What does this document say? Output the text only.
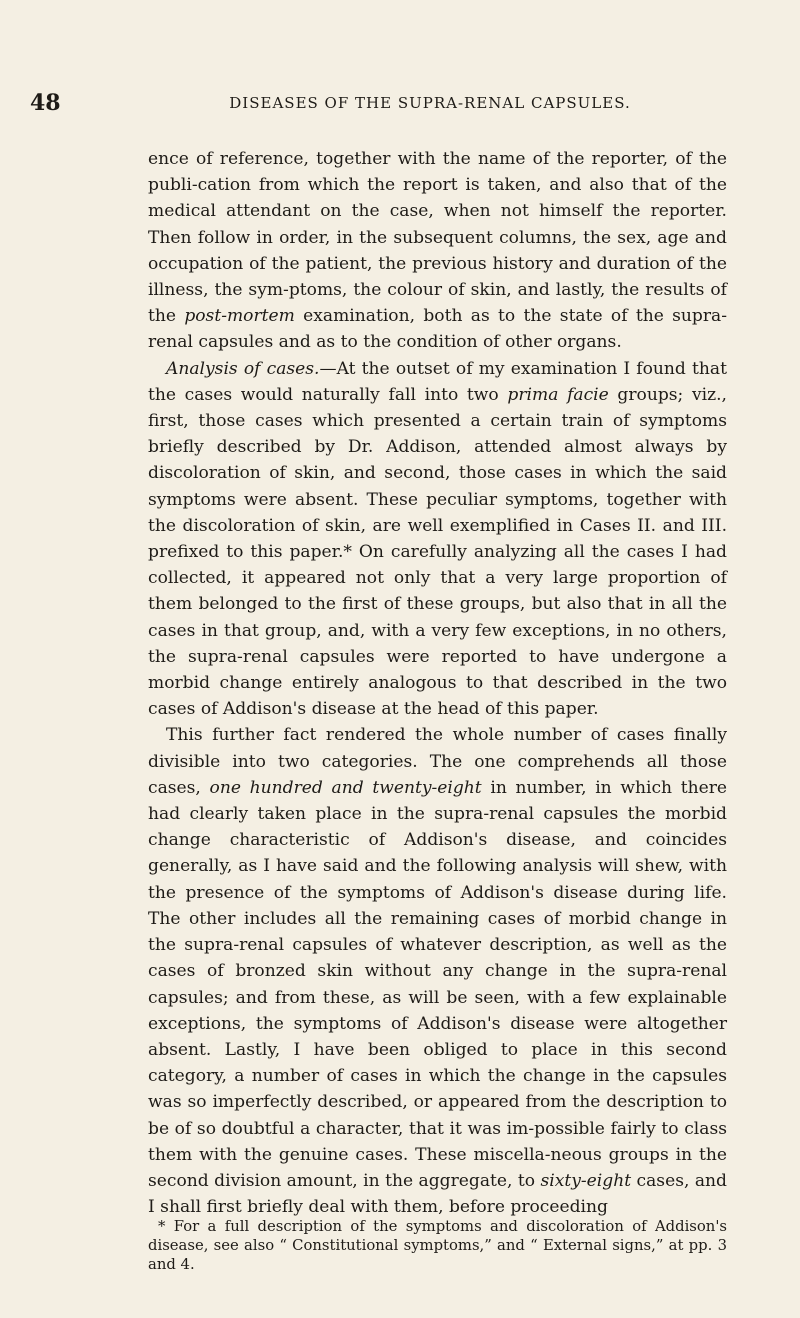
48	DISEASES OF THE SUPRA-RENAL CAPSULES.

ence of reference, together with the name of the reporter, of the publi-cation from which the report is taken, and also that of the medical attendant on the case, when not himself the reporter. Then follow in order, in the subsequent columns, the sex, age and occupation of the patient, the previous history and duration of the illness, the sym-ptoms, the colour of skin, and lastly, the results of the post-mortem examination, both as to the state of the supra-renal capsules and as to the condition of other organs.

Analysis of cases.—At the outset of my examination I found that the cases would naturally fall into two prima facie groups; viz., first, those cases which presented a certain train of symptoms briefly described by Dr. Addison, attended almost always by discoloration of skin, and second, those cases in which the said symptoms were absent. These peculiar symptoms, together with the discoloration of skin, are well exemplified in Cases II. and III. prefixed to this paper.* On carefully analyzing all the cases I had collected, it appeared not only that a very large proportion of them belonged to the first of these groups, but also that in all the cases in that group, and, with a very few exceptions, in no others, the supra-renal capsules were reported to have undergone a morbid change entirely analogous to that described in the two cases of Addison's disease at the head of this paper.

This further fact rendered the whole number of cases finally divisible into two categories. The one comprehends all those cases, one hundred and twenty-eight in number, in which there had clearly taken place in the supra-renal capsules the morbid change characteristic of Addison's disease, and coincides generally, as I have said and the following analysis will shew, with the presence of the symptoms of Addison's disease during life. The other includes all the remaining cases of morbid change in the supra-renal capsules of whatever description, as well as the cases of bronzed skin without any change in the supra-renal capsules; and from these, as will be seen, with a few explainable exceptions, the symptoms of Addison's disease were altogether absent. Lastly, I have been obliged to place in this second category, a number of cases in which the change in the capsules was so imperfectly described, or appeared from the description to be of so doubtful a character, that it was im-possible fairly to class them with the genuine cases. These miscella-neous groups in the second division amount, in the aggregate, to sixty-eight cases, and I shall first briefly deal with them, before proceeding

* For a full description of the symptoms and discoloration of Addison's disease, see also “ Constitutional symptoms,” and “ External signs,” at pp. 3 and 4.
